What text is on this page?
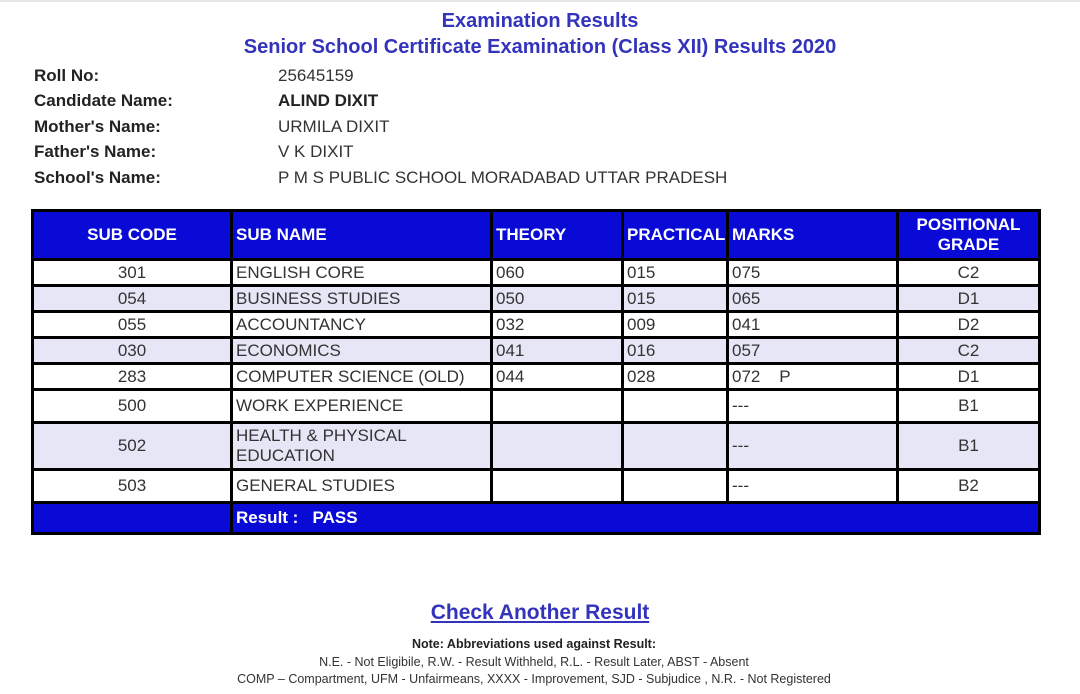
Examination Results
Senior School Certificate Examination (Class XII) Results 2020
Roll No:	25645159
Candidate Name:	ALIND DIXIT
Mother's Name:	URMILA DIXIT
Father's Name:	V K DIXIT
School's Name:	P M S PUBLIC SCHOOL MORADABAD UTTAR PRADESH
SUB CODE	SUB NAME	THEORY	PRACTICAL	MARKS	POSITIONAL GRADE
301	ENGLISH CORE	060	015	075	C2
054	BUSINESS STUDIES	050	015	065	D1
055	ACCOUNTANCY	032	009	041	D2
030	ECONOMICS	041	016	057	C2
283	COMPUTER SCIENCE (OLD)	044	028	072    P	D1
500	WORK EXPERIENCE			---	B1
502	HEALTH & PHYSICAL EDUCATION			---	B1
503	GENERAL STUDIES			---	B2
	Result :   PASS				
Check Another Result
Note: Abbreviations used against Result:
N.E. - Not Eligibile, R.W. - Result Withheld, R.L. - Result Later, ABST - Absent
COMP – Compartment, UFM - Unfairmeans, XXXX - Improvement, SJD - Subjudice , N.R. - Not Registered
